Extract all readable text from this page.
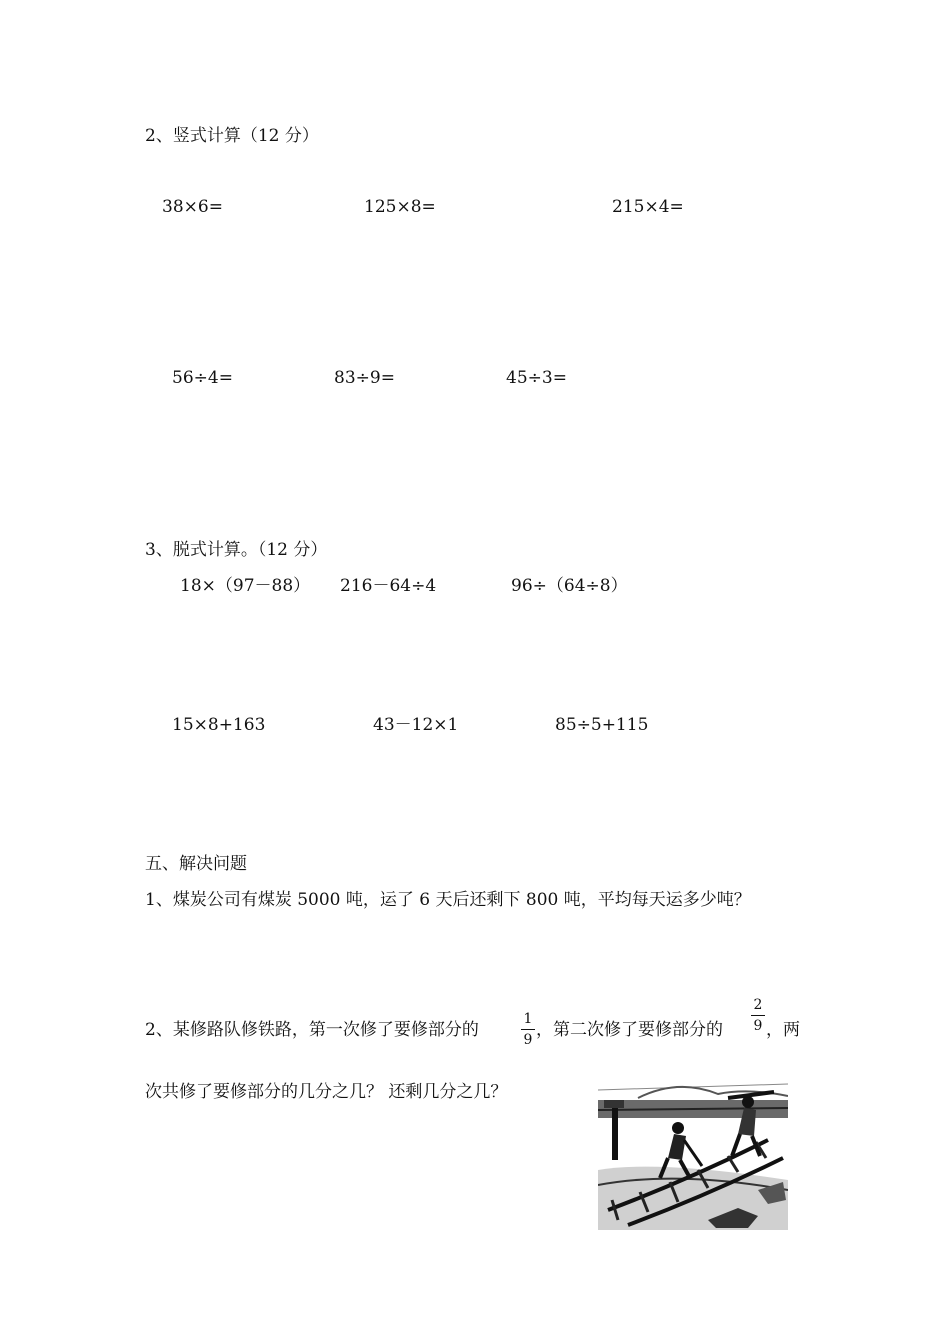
2、竖式计算（12 分）
38×6=	125×8=	215×4=
56÷4=	83÷9=	45÷3=
3、脱式计算。（12 分）
18×（97－88） 216－64÷4	96÷（64÷8）
15×8+163	43－12×1	85÷5+115
五、解决问题
1、煤炭公司有煤炭 5000 吨，运了 6 天后还剩下 800 吨，平均每天运多少吨？
2、某修路队修铁路，第一次修了要修部分的
1
9 ，第二次修了要修部分的
2
9 ，两
次共修了要修部分的几分之几？ 还剩几分之几？
